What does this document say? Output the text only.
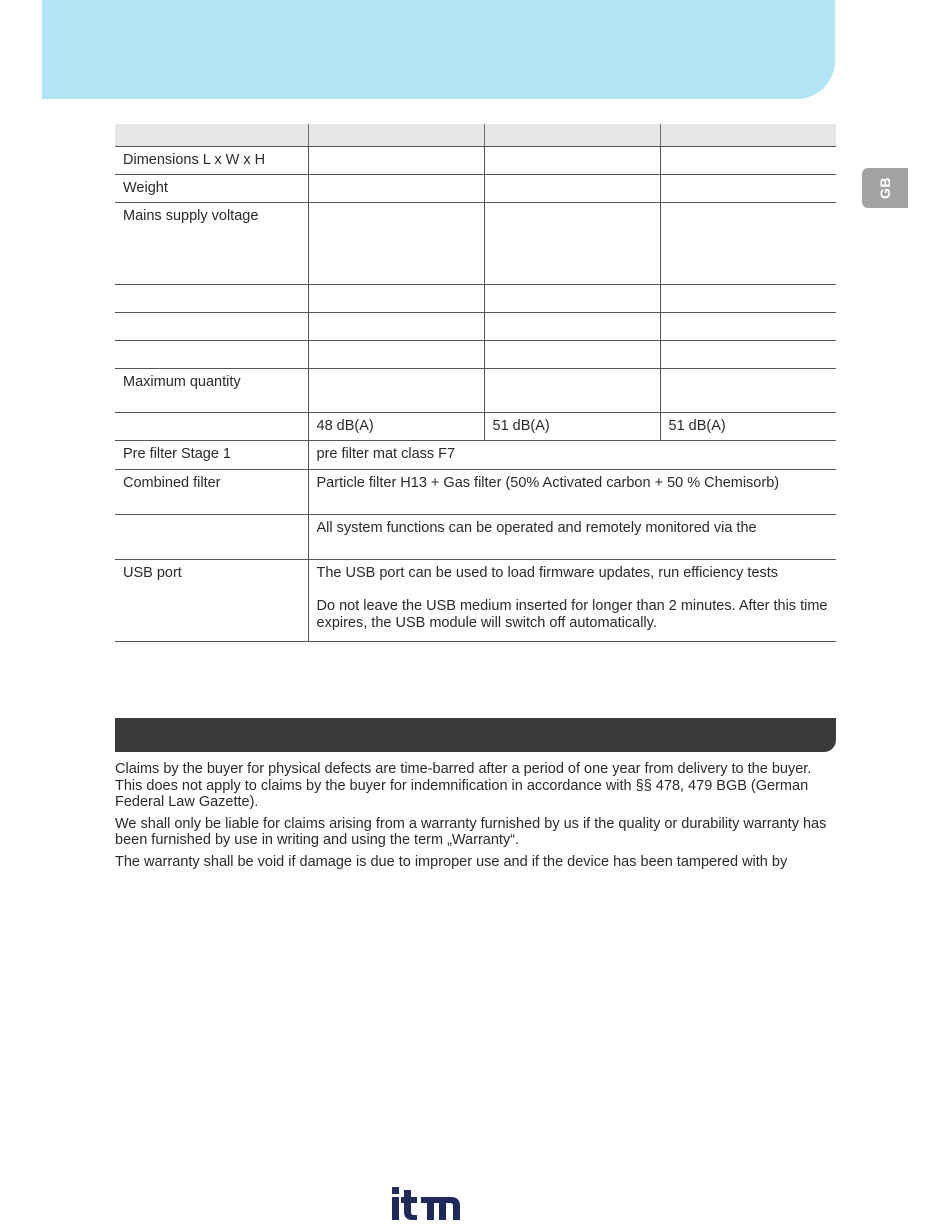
GB

Dimensions L x W x H			
Weight			
Mains supply voltage			

Maximum quantity			
	48 dB(A)	51 dB(A)	51 dB(A)
Pre filter Stage 1	pre filter mat class F7		

Combined filter	Particle filter H13 + Gas filter (50% Activated carbon + 50 % Chemisorb)		

	All system functions can be operated and remotely monitored via the		

USB port	The USB port can be used to load firmware updates, run efficiency tests

Do not leave the USB medium inserted for longer than 2 minutes. After this time expires, the USB module will switch off automatically.		

Claims by the buyer for physical defects are time-barred after a period of one year from delivery to the buyer. This does not apply to claims by the buyer for indemnification in accordance with §§ 478, 479 BGB (German Federal Law Gazette).

We shall only be liable for claims arising from a warranty furnished by us if the quality or durability warranty has been furnished by use in writing and using the term „Warranty“.

The warranty shall be void if damage is due to improper use and if the device has been tampered with by
